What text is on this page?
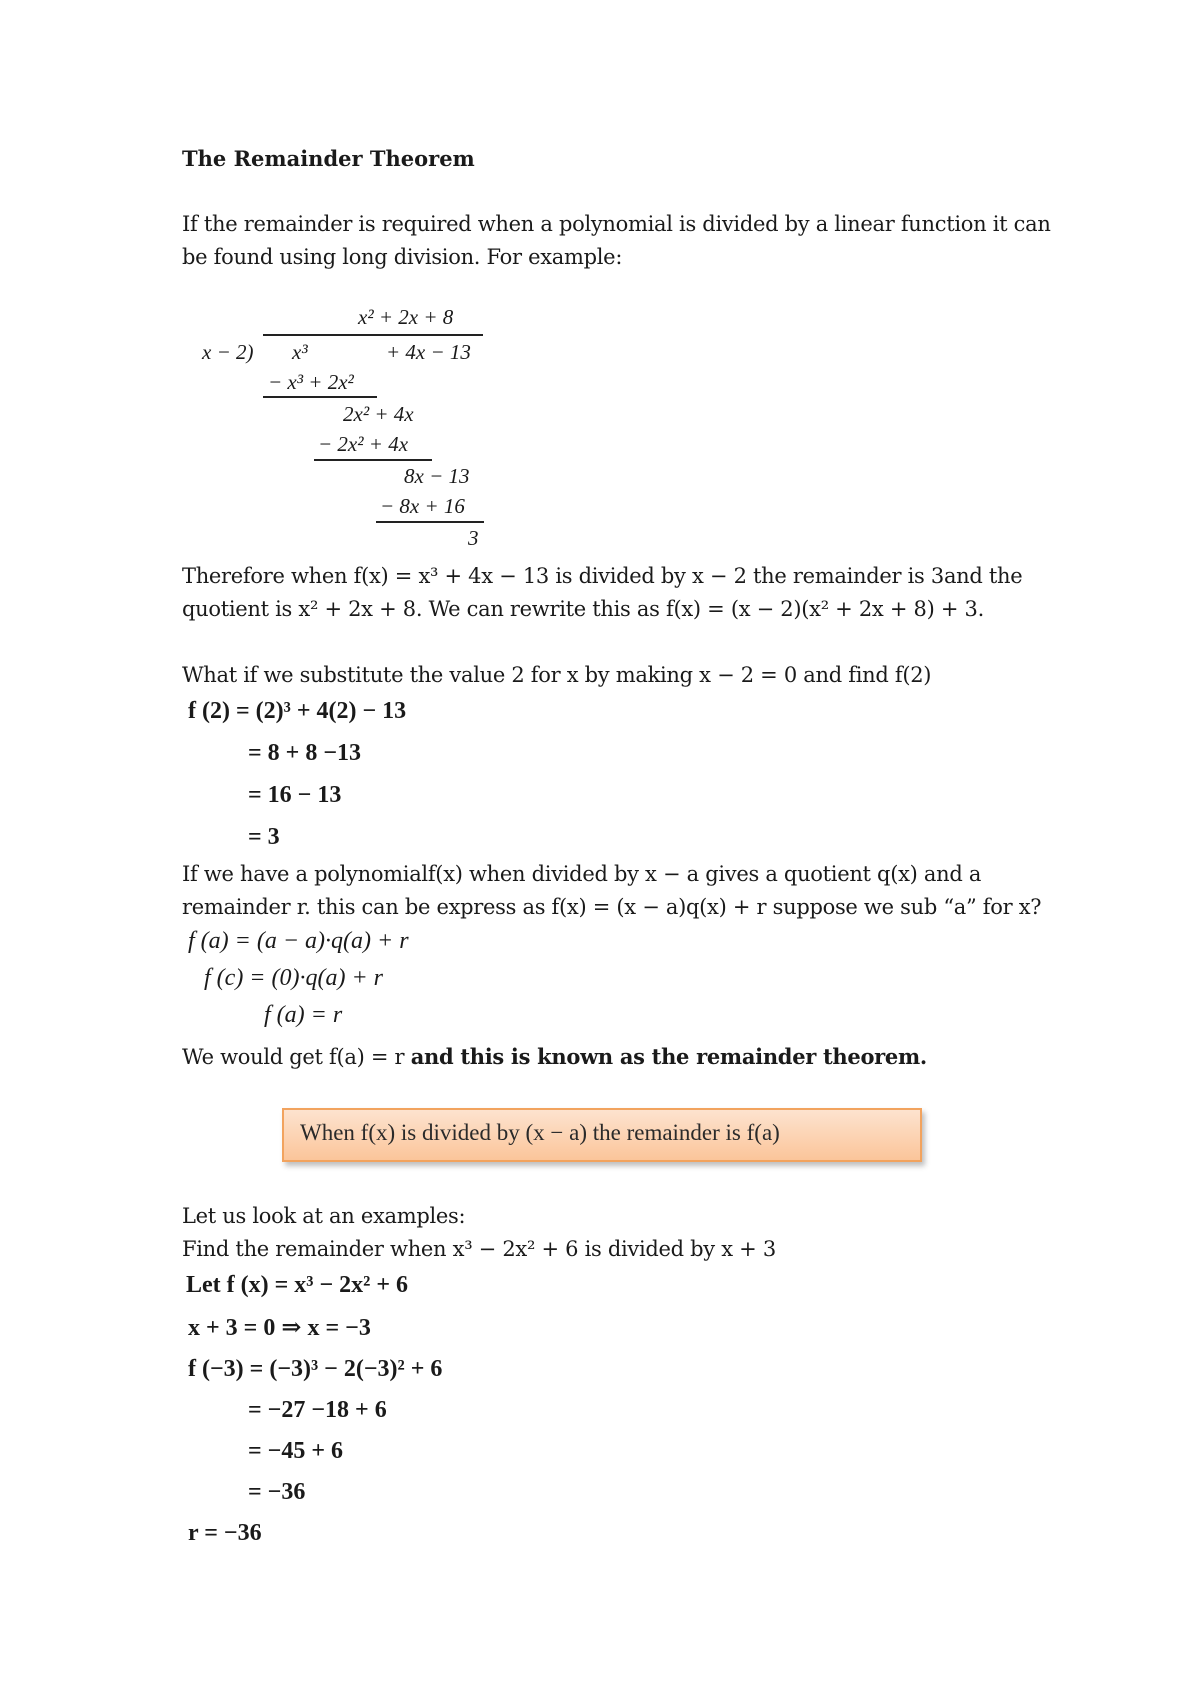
The Remainder Theorem
If the remainder is required when a polynomial is divided by a linear function it can
be found using long division. For example:
x² + 2x + 8
x − 2) x³	+ 4x − 13
− x³ + 2x²
2x² + 4x
− 2x² + 4x
8x − 13
− 8x + 16
3
Therefore when f(x) = x³ + 4x − 13 is divided by x − 2 the remainder is 3and the
quotient is x² + 2x + 8. We can rewrite this as f(x) = (x − 2)(x² + 2x + 8) + 3.
What if we substitute the value 2 for x by making x − 2 = 0 and find f(2)
f (2) = (2)³ + 4(2) − 13
= 8 + 8 −13
= 16 − 13
= 3
If we have a polynomialf(x) when divided by x − a gives a quotient q(x) and a
remainder r. this can be express as f(x) = (x − a)q(x) + r suppose we sub “a” for x?
f (a) = (a − a)·q(a) + r
f (c) = (0)·q(a) + r
f (a) = r
We would get f(a) = r and this is known as the remainder theorem.
When f(x) is divided by (x − a) the remainder is f(a)
Let us look at an examples:
Find the remainder when x³ − 2x² + 6 is divided by x + 3
Let f (x) = x³ − 2x² + 6
x + 3 = 0 ⇒ x = −3
f (−3) = (−3)³ − 2(−3)² + 6
= −27 −18 + 6
= −45 + 6
= −36
r = −36
